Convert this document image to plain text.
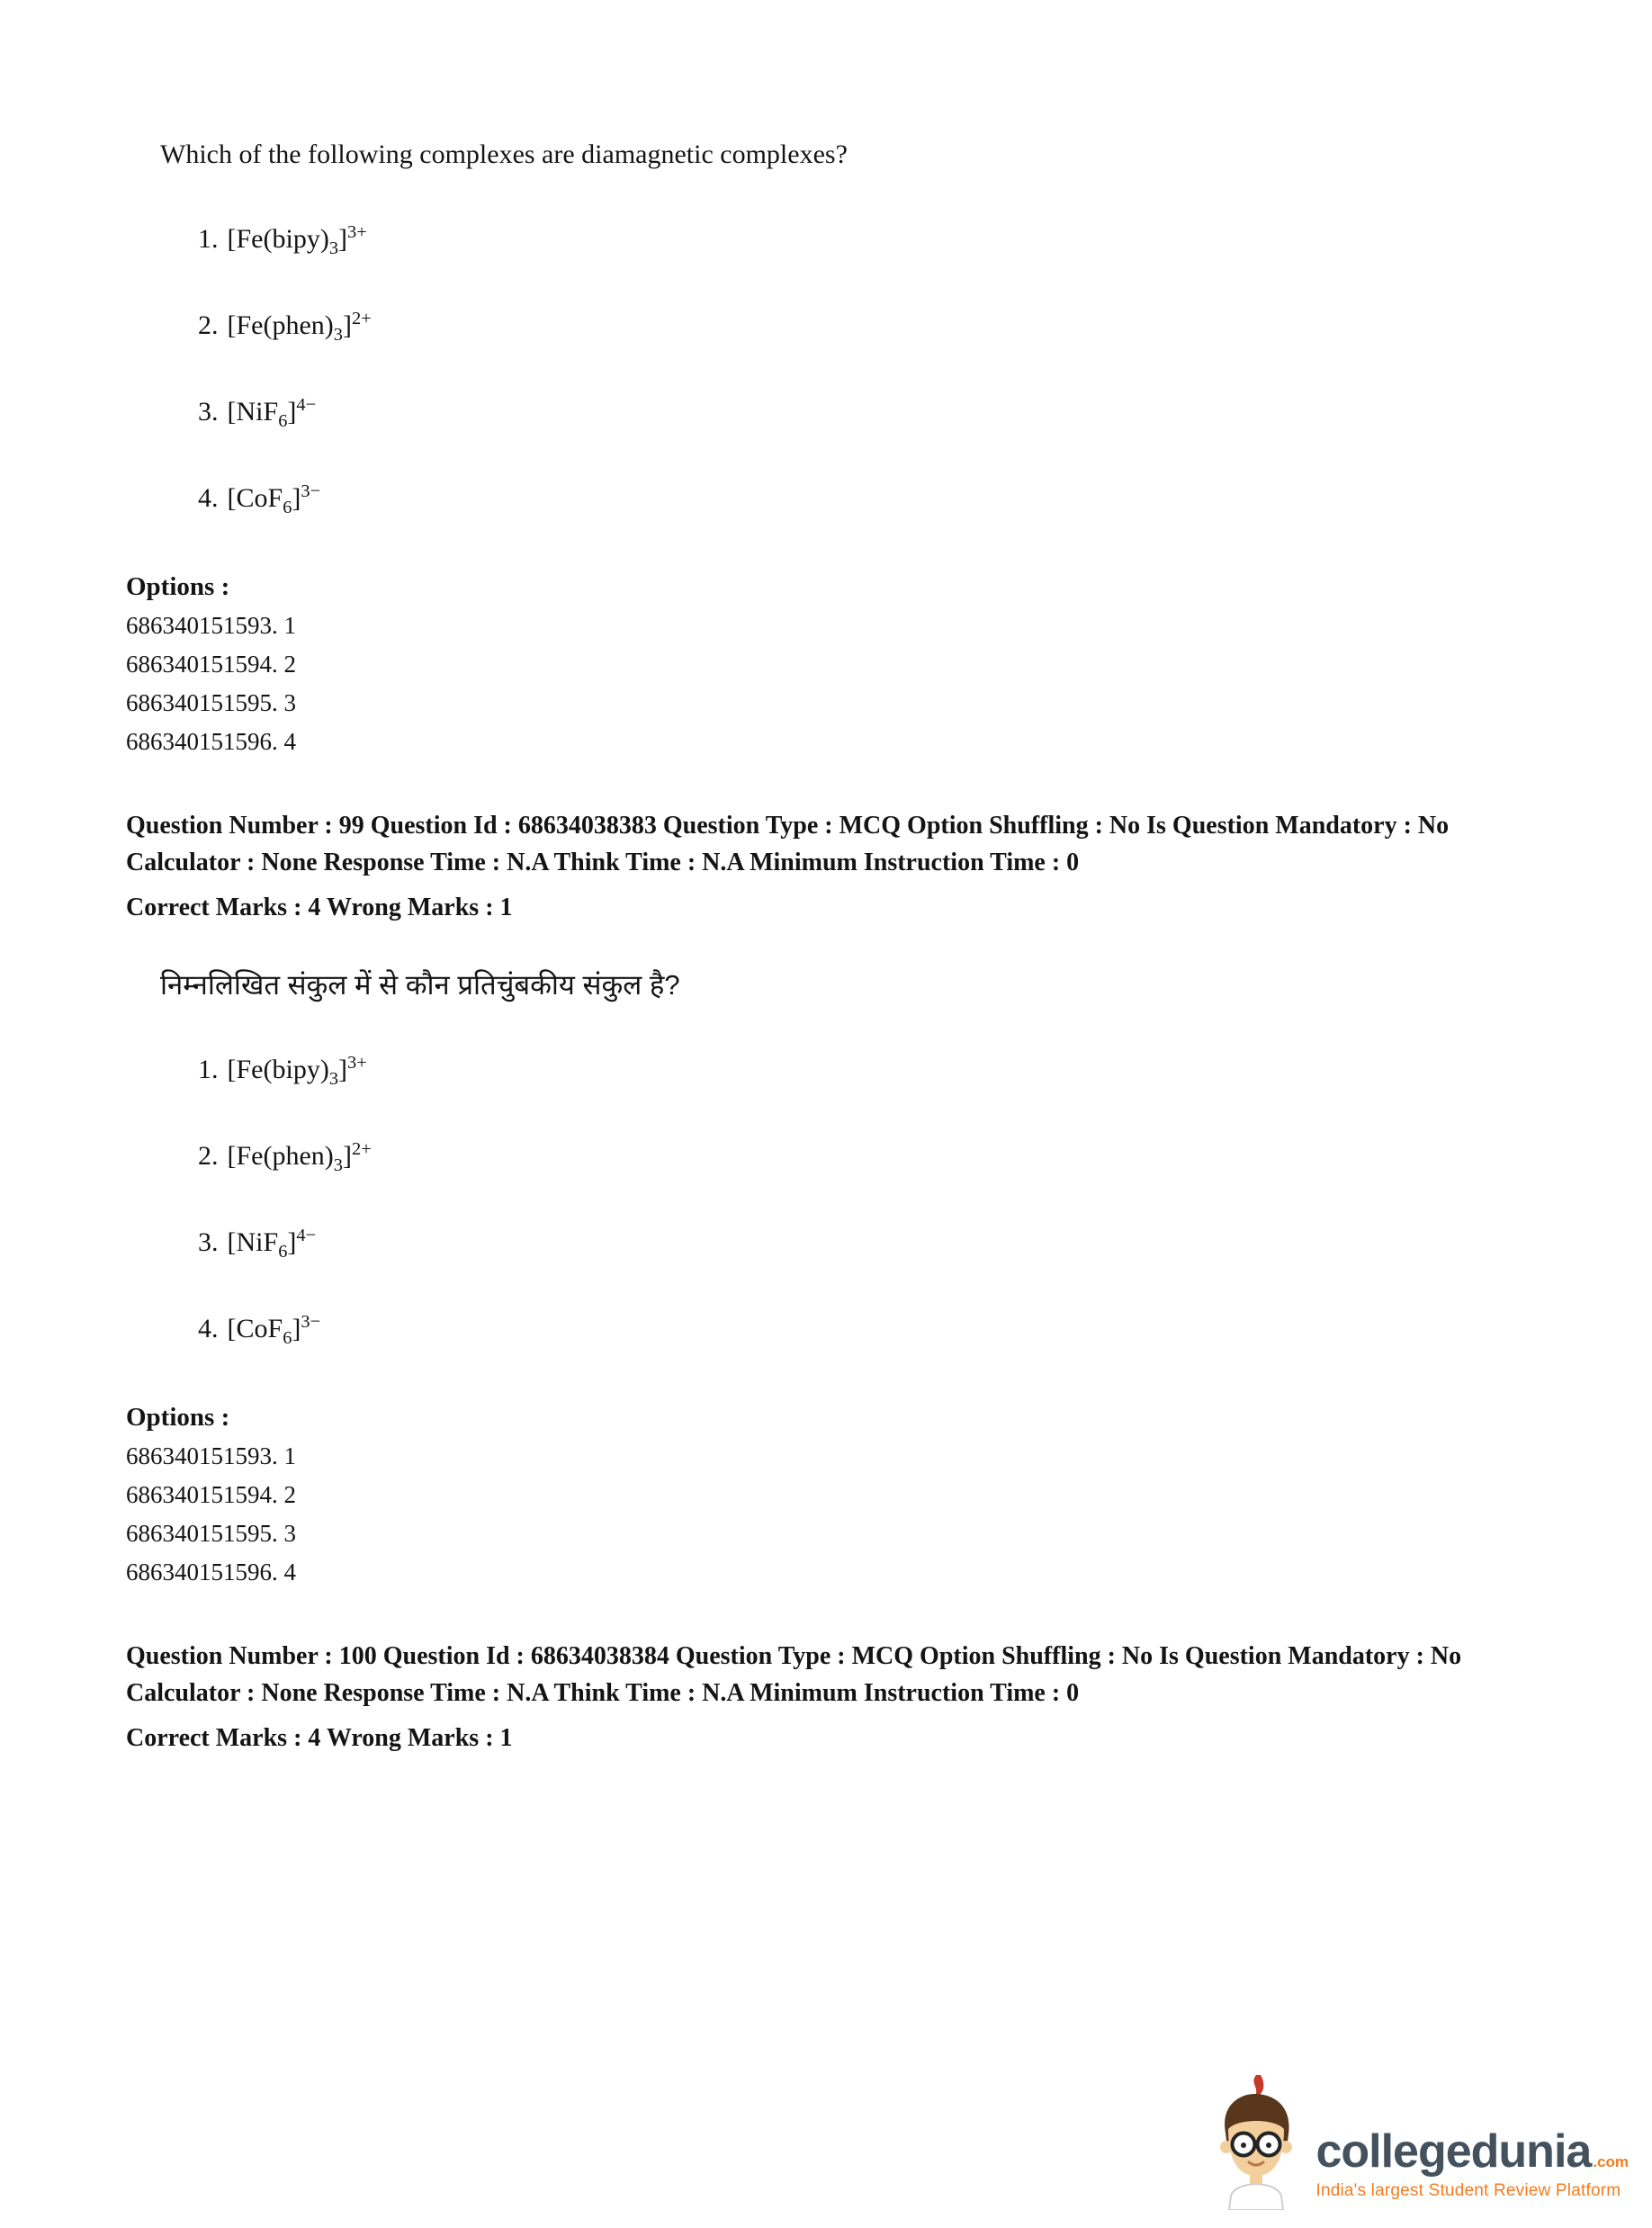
Which of the following complexes are diamagnetic complexes?

1. $[Fe(bipy)_3]^{3+}$
2. $[Fe(phen)_3]^{2+}$
3. $[NiF_6]^{4-}$
4. $[CoF_6]^{3-}$

Options :

686340151593. 1
686340151594. 2
686340151595. 3
686340151596. 4

Question Number : 99 Question Id : 68634038383 Question Type : MCQ Option Shuffling : No Is Question Mandatory : No Calculator : None Response Time : N.A Think Time : N.A Minimum Instruction Time : 0

Correct Marks : 4 Wrong Marks : 1

निम्नलिखित संकुल में से कौन प्रतिचुंबकीय संकुल है?

1. $[Fe(bipy)_3]^{3+}$
2. $[Fe(phen)_3]^{2+}$
3. $[NiF_6]^{4-}$
4. $[CoF_6]^{3-}$

Options :

686340151593. 1
686340151594. 2
686340151595. 3
686340151596. 4

Question Number : 100 Question Id : 68634038384 Question Type : MCQ Option Shuffling : No Is Question Mandatory : No Calculator : None Response Time : N.A Think Time : N.A Minimum Instruction Time : 0

Correct Marks : 4 Wrong Marks : 1

collegedunia .com
India's largest Student Review Platform
